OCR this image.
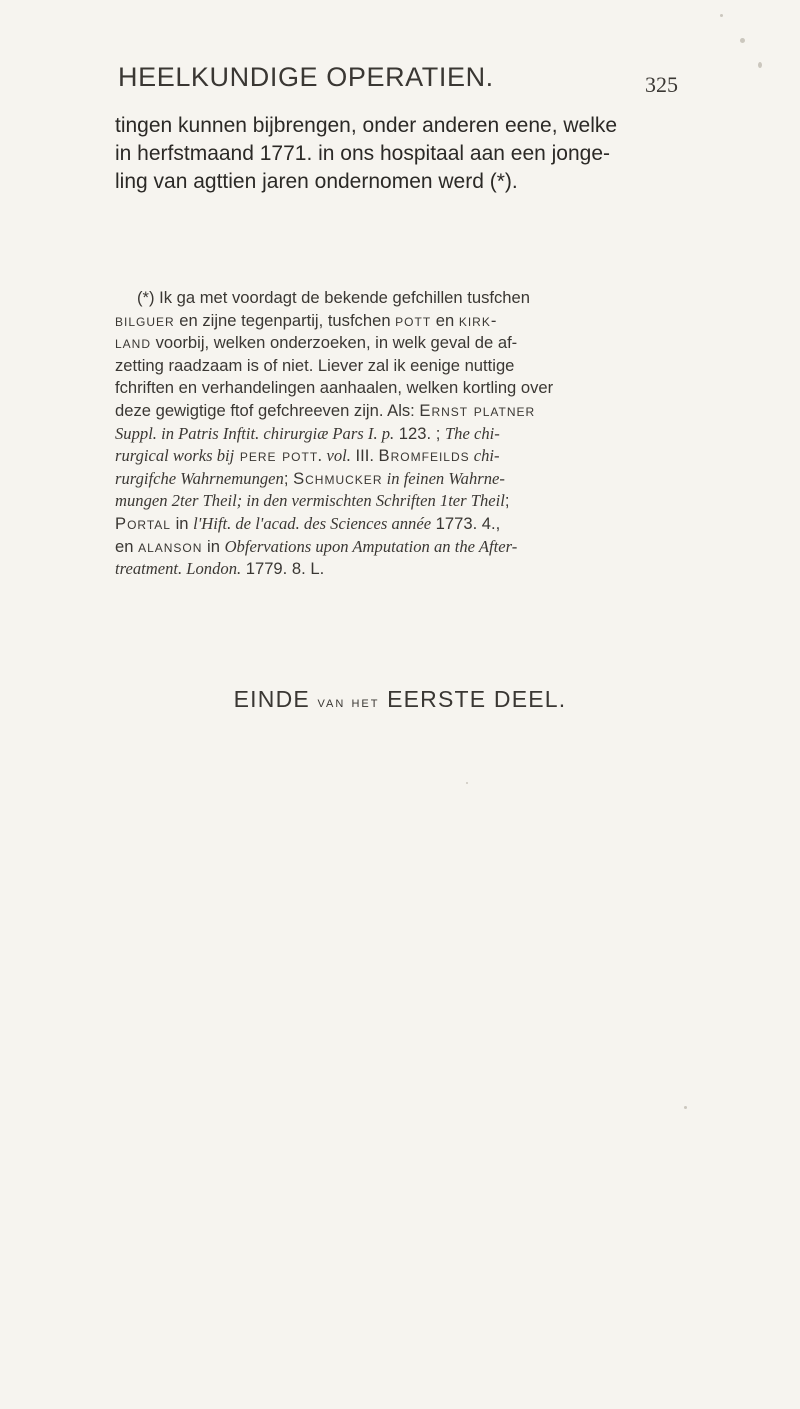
HEELKUNDIGE OPERATIEN.	325
tingen kunnen bijbrengen, onder anderen eene, welke
in herfstmaand 1771. in ons hospitaal aan een jonge-
ling van agttien jaren ondernomen werd (*).
(*) Ik ga met voordagt de bekende gefchillen tusfchen
bilguer en zijne tegenpartij, tusfchen pott en kirk-
land voorbij, welken onderzoeken, in welk geval de af-
zetting raadzaam is of niet. Liever zal ik eenige nuttige
fchriften en verhandelingen aanhaalen, welken kortling over
deze gewigtige ftof gefchreeven zijn. Als: Ernst platner
Suppl. in Patris Inftit. chirurgiæ Pars I. p. 123. ; The chi-
rurgical works bij pere pott. vol. III. Bromfeilds chi-
rurgifche Wahrnemungen; Schmucker in feinen Wahrne-
mungen 2ter Theil; in den vermischten Schriften 1ter Theil;
Portal in l'Hift. de l'acad. des Sciences année 1773. 4.,
en alanson in Obfervations upon Amputation an the After-
treatment. London. 1779. 8. L.
EINDE van het EERSTE DEEL.
